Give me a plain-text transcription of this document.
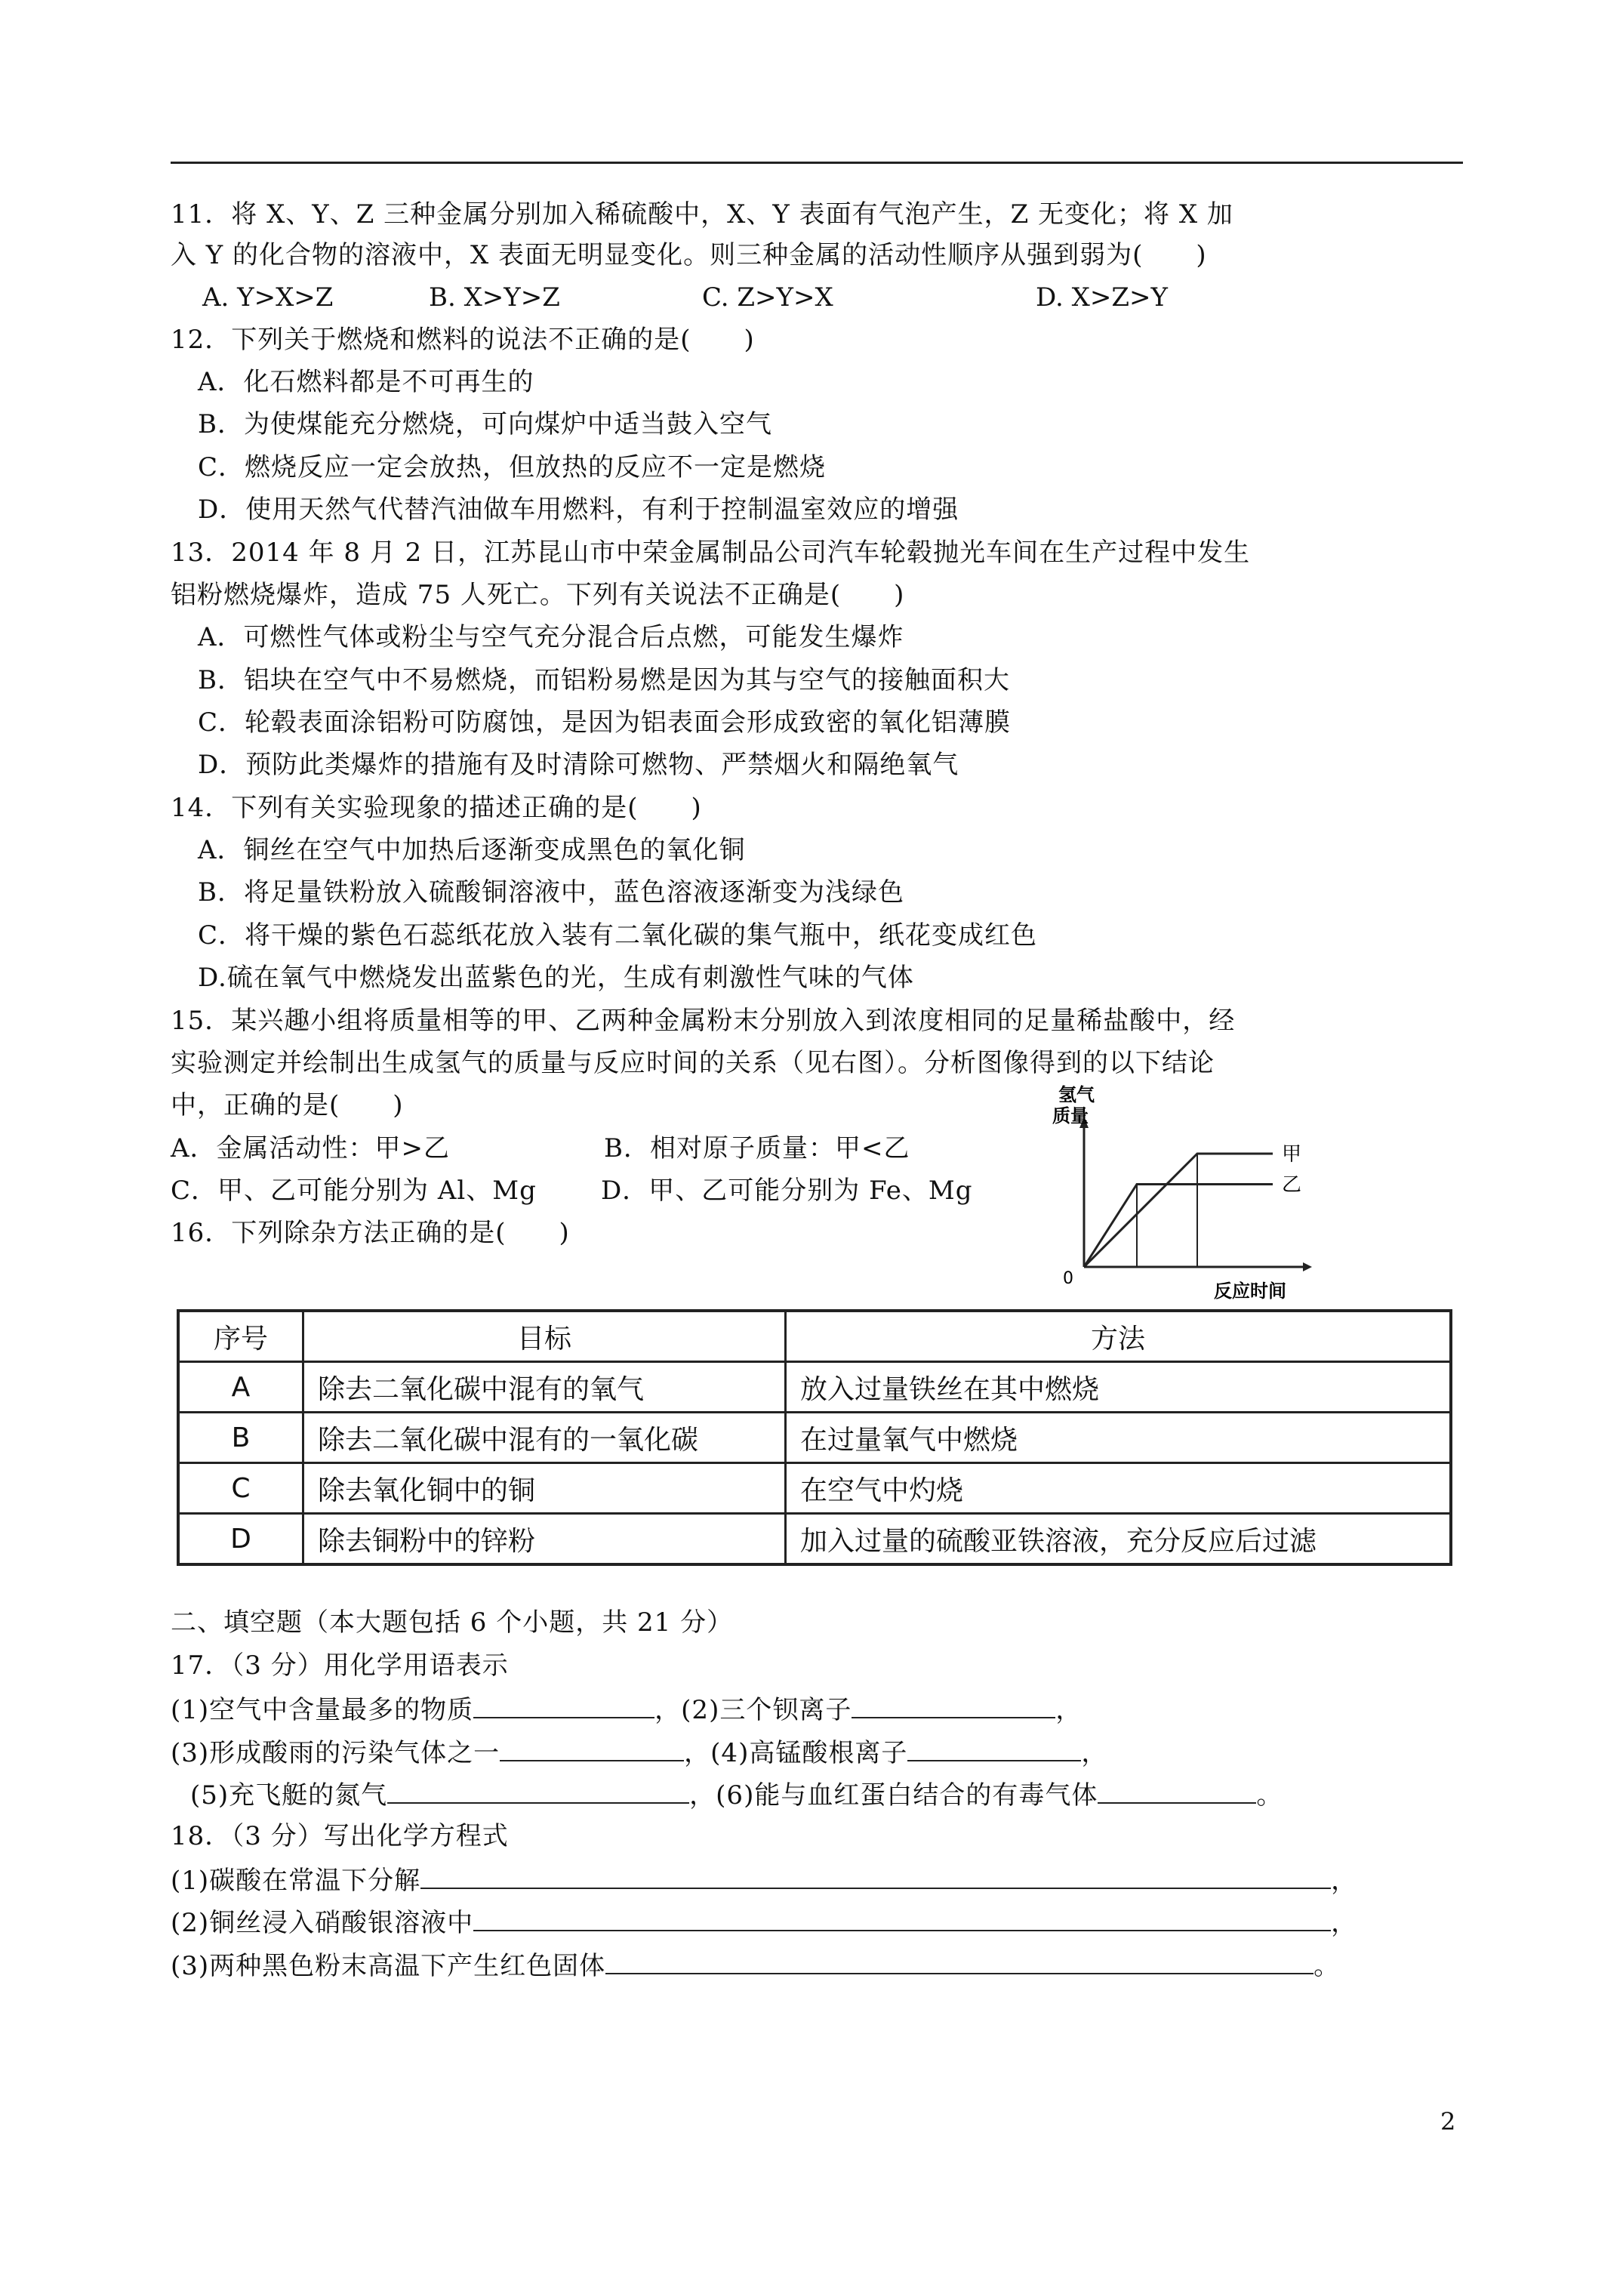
11．将 X、Y、Z 三种金属分别加入稀硫酸中，X、Y 表面有气泡产生，Z 无变化；将 X 加
入 Y 的化合物的溶液中，X 表面无明显变化。则三种金属的活动性顺序从强到弱为(　　)
A. Y>X>Z	B. X>Y>Z	C. Z>Y>X	D. X>Z>Y
12．下列关于燃烧和燃料的说法不正确的是(　　)
A．化石燃料都是不可再生的
B．为使煤能充分燃烧，可向煤炉中适当鼓入空气
C．燃烧反应一定会放热，但放热的反应不一定是燃烧
D．使用天然气代替汽油做车用燃料，有利于控制温室效应的增强
13．2014 年 8 月 2 日，江苏昆山市中荣金属制品公司汽车轮毂抛光车间在生产过程中发生
铝粉燃烧爆炸，造成 75 人死亡。下列有关说法不正确是(　　)
A．可燃性气体或粉尘与空气充分混合后点燃，可能发生爆炸
B．铝块在空气中不易燃烧，而铝粉易燃是因为其与空气的接触面积大
C．轮毂表面涂铝粉可防腐蚀，是因为铝表面会形成致密的氧化铝薄膜
D．预防此类爆炸的措施有及时清除可燃物、严禁烟火和隔绝氧气
14．下列有关实验现象的描述正确的是(　　)
A．铜丝在空气中加热后逐渐变成黑色的氧化铜
B．将足量铁粉放入硫酸铜溶液中，蓝色溶液逐渐变为浅绿色
C．将干燥的紫色石蕊纸花放入装有二氧化碳的集气瓶中，纸花变成红色
D.硫在氧气中燃烧发出蓝紫色的光，生成有刺激性气味的气体
15．某兴趣小组将质量相等的甲、乙两种金属粉末分别放入到浓度相同的足量稀盐酸中，经
实验测定并绘制出生成氢气的质量与反应时间的关系（见右图）。分析图像得到的以下结论
中，正确的是(　　)
A．金属活动性：甲>乙	B．相对原子质量：甲<乙
C．甲、乙可能分别为 Al、Mg	D．甲、乙可能分别为 Fe、Mg
氢气质量
0
反应时间
甲
乙
16．下列除杂方法正确的是(　　)
序号	目标	方法
A	除去二氧化碳中混有的氧气	放入过量铁丝在其中燃烧
B	除去二氧化碳中混有的一氧化碳	在过量氧气中燃烧
C	除去氧化铜中的铜	在空气中灼烧
D	除去铜粉中的锌粉	加入过量的硫酸亚铁溶液，充分反应后过滤
二、填空题（本大题包括 6 个小题，共 21 分）
17．（3 分）用化学用语表示
(1)空气中含量最多的物质	，(2)三个钡离子	，
(3)形成酸雨的污染气体之一	，(4)高锰酸根离子	，
(5)充飞艇的氮气	，(6)能与血红蛋白结合的有毒气体	。
18．（3 分）写出化学方程式
(1)碳酸在常温下分解	，
(2)铜丝浸入硝酸银溶液中	，
(3)两种黑色粉末高温下产生红色固体	。
2
